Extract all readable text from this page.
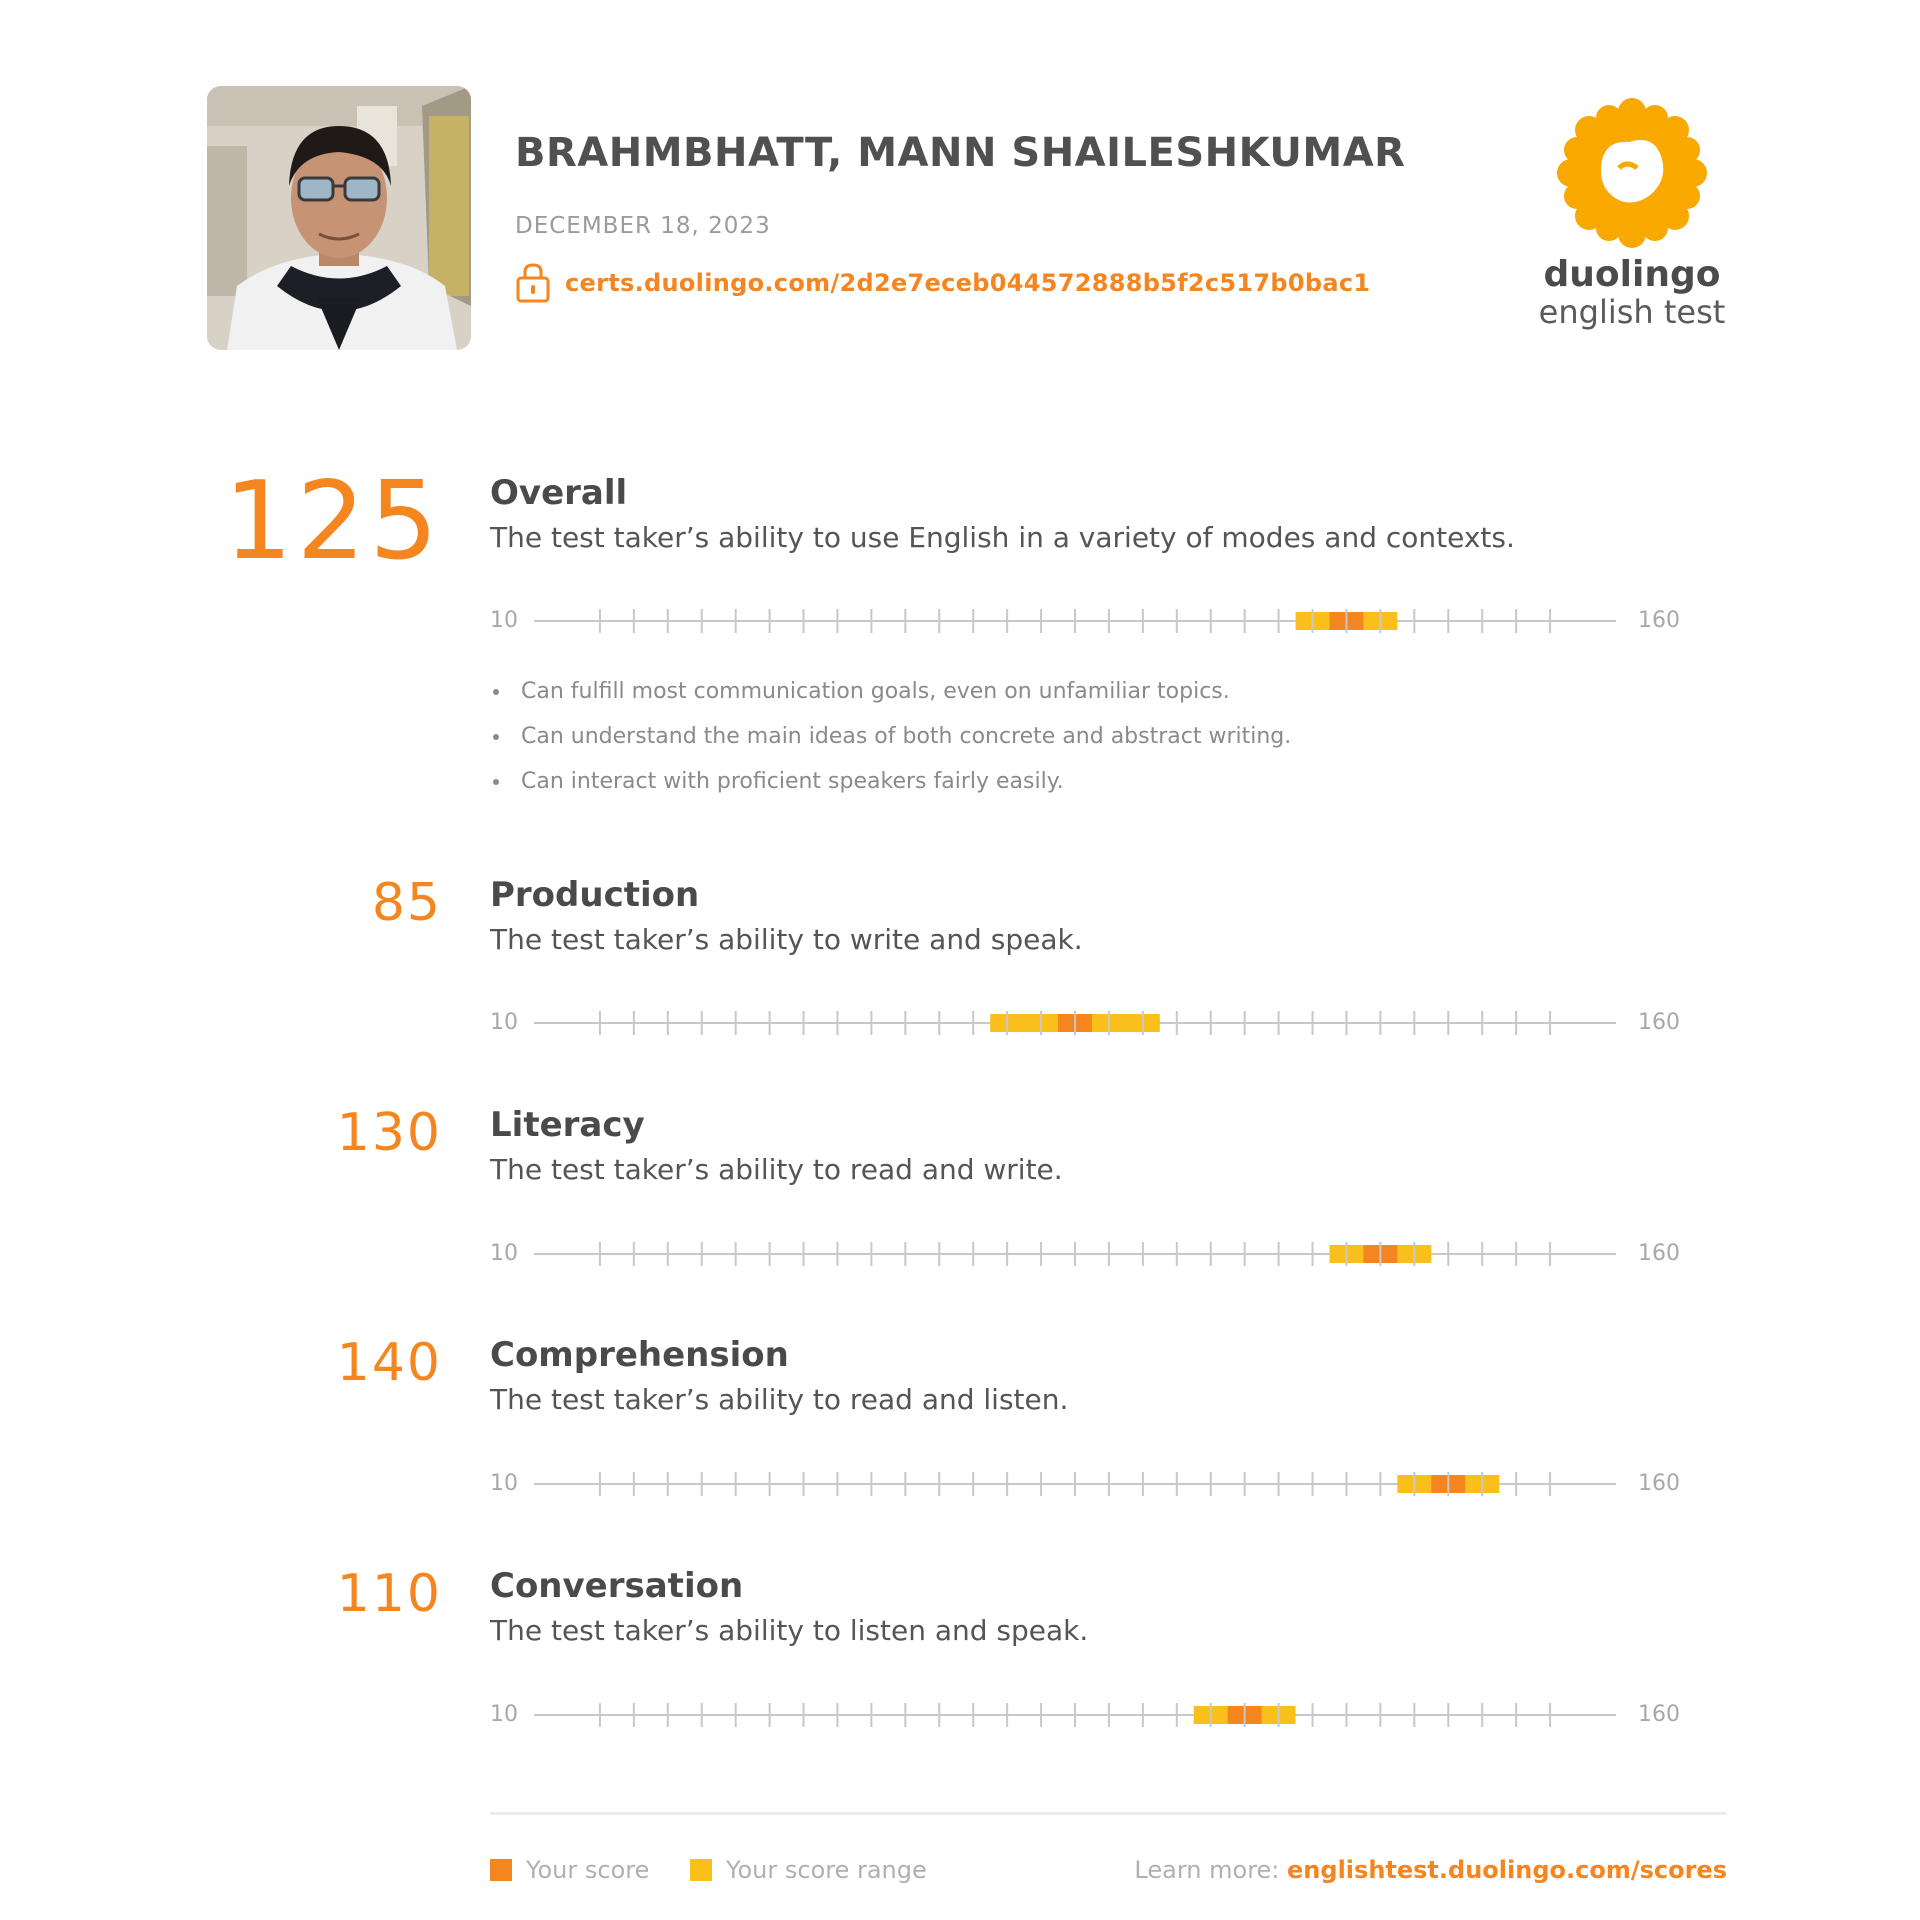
BRAHMBHATT, MANN SHAILESHKUMAR
DECEMBER 18, 2023
certs.duolingo.com/2d2e7eceb044572888b5f2c517b0bac1	duolingo
english test
125 Overall
The test taker’s ability to use English in a variety of modes and contexts.
10	160
Can fulfill most communication goals, even on unfamiliar topics.
Can understand the main ideas of both concrete and abstract writing.
Can interact with proficient speakers fairly easily.
85 Production
The test taker’s ability to write and speak.
10	160
130 Literacy
The test taker’s ability to read and write.
10	160
140 Comprehension
The test taker’s ability to read and listen.
10	160
110 Conversation
The test taker’s ability to listen and speak.
10	160
Your score	Your score range	Learn more: englishtest.duolingo.com/scores
